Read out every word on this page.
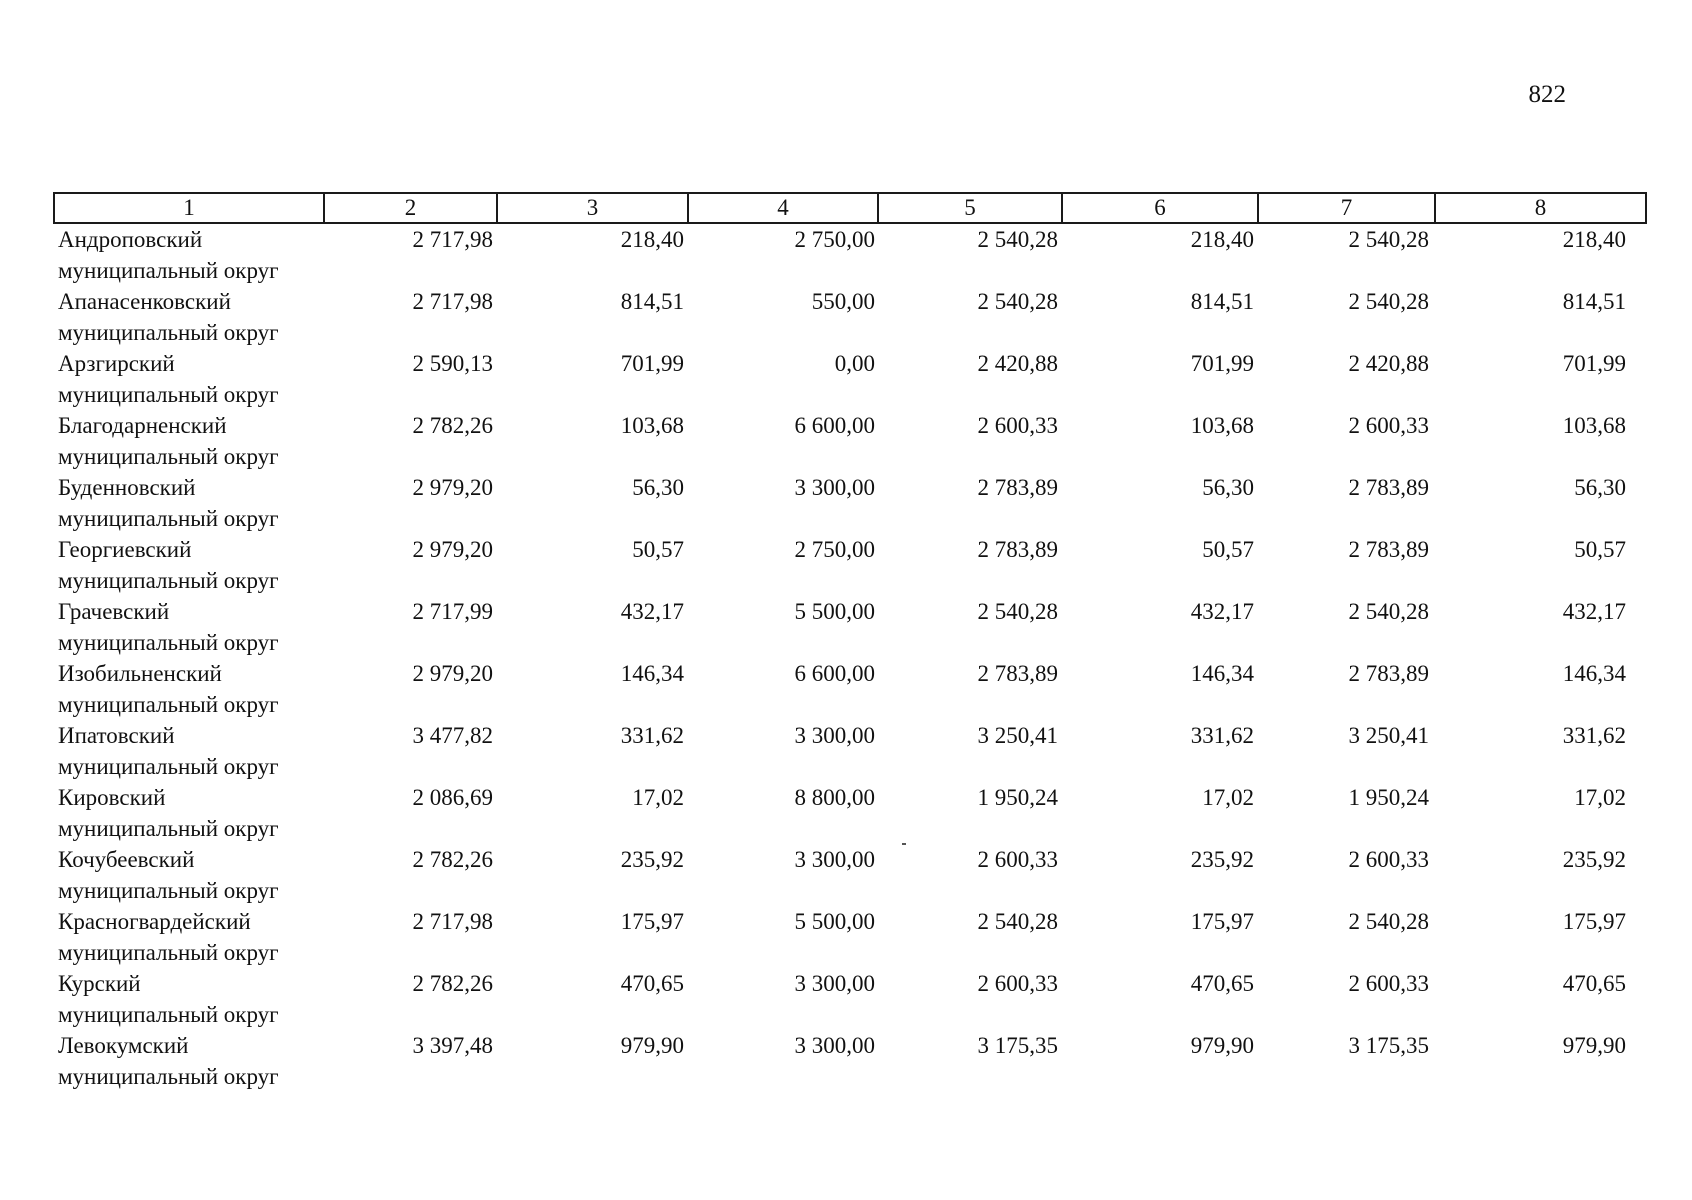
822
1	2	3	4	5	6	7	8

Андроповский
муниципальный округ	2 717,98	218,40	2 750,00	2 540,28	218,40	2 540,28	218,40

Апанасенковский
муниципальный округ	2 717,98	814,51	550,00	2 540,28	814,51	2 540,28	814,51

Арзгирский
муниципальный округ	2 590,13	701,99	0,00	2 420,88	701,99	2 420,88	701,99

Благодарненский
муниципальный округ	2 782,26	103,68	6 600,00	2 600,33	103,68	2 600,33	103,68

Буденновский
муниципальный округ	2 979,20	56,30	3 300,00	2 783,89	56,30	2 783,89	56,30

Георгиевский
муниципальный округ	2 979,20	50,57	2 750,00	2 783,89	50,57	2 783,89	50,57

Грачевский
муниципальный округ	2 717,99	432,17	5 500,00	2 540,28	432,17	2 540,28	432,17

Изобильненский
муниципальный округ	2 979,20	146,34	6 600,00	2 783,89	146,34	2 783,89	146,34

Ипатовский
муниципальный округ	3 477,82	331,62	3 300,00	3 250,41	331,62	3 250,41	331,62

Кировский
муниципальный округ	2 086,69	17,02	8 800,00	1 950,24	17,02	1 950,24	17,02

Кочубеевский
муниципальный округ	2 782,26	235,92	3 300,00	2 600,33	235,92	2 600,33	235,92

Красногвардейский
муниципальный округ	2 717,98	175,97	5 500,00	2 540,28	175,97	2 540,28	175,97

Курский
муниципальный округ	2 782,26	470,65	3 300,00	2 600,33	470,65	2 600,33	470,65

Левокумский
муниципальный округ	3 397,48	979,90	3 300,00	3 175,35	979,90	3 175,35	979,90
